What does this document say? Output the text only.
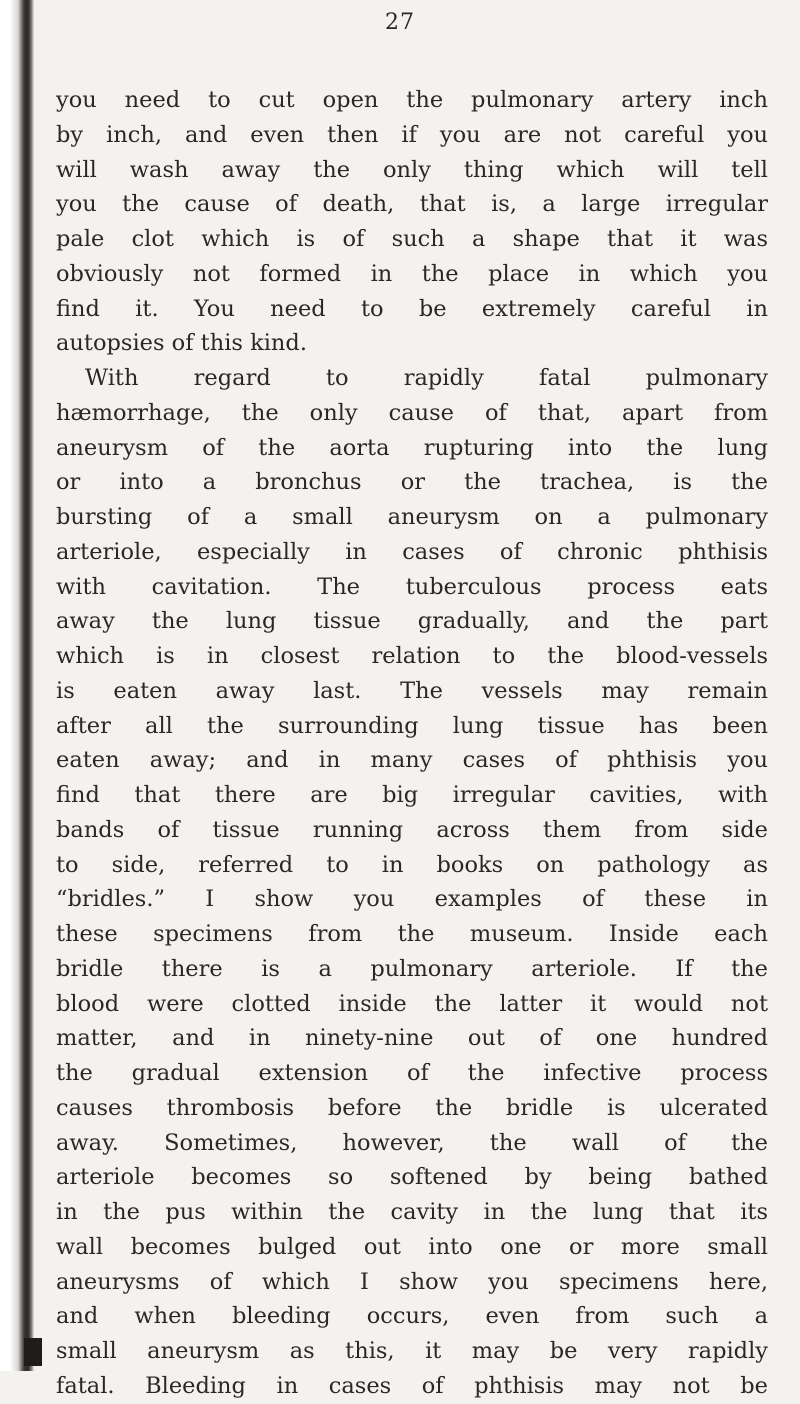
27
you need to cut open the pulmonary artery inch
by inch, and even then if you are not careful you
will wash away the only thing which will tell
you the cause of death, that is, a large irregular
pale clot which is of such a shape that it was
obviously not formed in the place in which you
find it. You need to be extremely careful in
autopsies of this kind.
With regard to rapidly fatal pulmonary
hæmorrhage, the only cause of that, apart from
aneurysm of the aorta rupturing into the lung
or into a bronchus or the trachea, is the
bursting of a small aneurysm on a pulmonary
arteriole, especially in cases of chronic phthisis
with cavitation. The tuberculous process eats
away the lung tissue gradually, and the part
which is in closest relation to the blood-vessels
is eaten away last. The vessels may remain
after all the surrounding lung tissue has been
eaten away; and in many cases of phthisis you
find that there are big irregular cavities, with
bands of tissue running across them from side
to side, referred to in books on pathology as
“bridles.” I show you examples of these in
these specimens from the museum. Inside each
bridle there is a pulmonary arteriole. If the
blood were clotted inside the latter it would not
matter, and in ninety-nine out of one hundred
the gradual extension of the infective process
causes thrombosis before the bridle is ulcerated
away. Sometimes, however, the wall of the
arteriole becomes so softened by being bathed
in the pus within the cavity in the lung that its
wall becomes bulged out into one or more small
aneurysms of which I show you specimens here,
and when bleeding occurs, even from such a
small aneurysm as this, it may be very rapidly
fatal. Bleeding in cases of phthisis may not be
